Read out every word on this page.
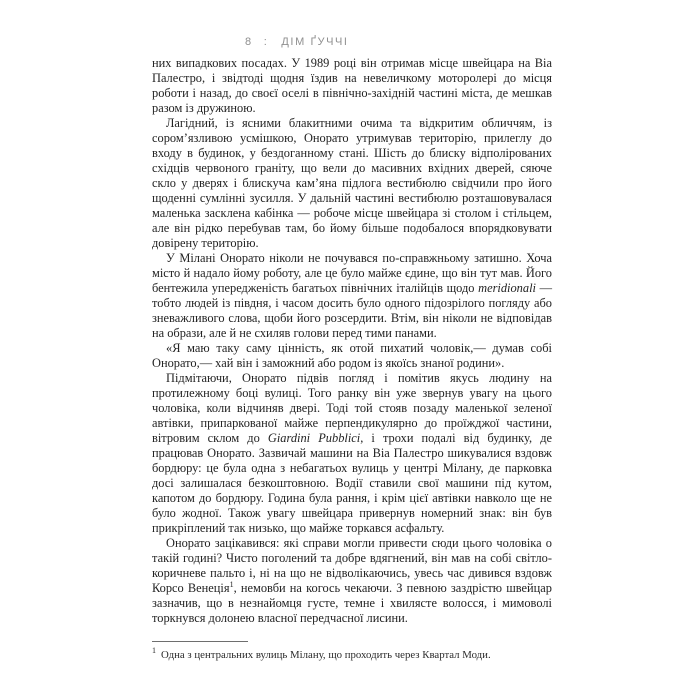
8 : ДІМ ҐУЧЧІ

них випадкових посадах. У 1989 році він отримав місце швейцара на Віа Палестро, і звідтоді щодня їздив на невеличкому моторолері до місця роботи і назад, до своєї оселі в північно-західній частині міста, де мешкав разом із дружиною.

Лагідний, із ясними блакитними очима та відкритим обличчям, із сором’язливою усмішкою, Онорато утримував територію, прилеглу до входу в будинок, у бездоганному стані. Шість до блиску відполірованих східців червоного граніту, що вели до масивних вхідних дверей, сяюче скло у дверях і блискуча кам’яна підлога вестибюлю свідчили про його щоденні сумлінні зусилля. У дальній частині вестибюлю розташовувалася маленька засклена кабінка — робоче місце швейцара зі столом і стільцем, але він рідко перебував там, бо йому більше подобалося впорядковувати довірену територію.

У Мілані Онорато ніколи не почувався по-справжньому затишно. Хоча місто й надало йому роботу, але це було майже єдине, що він тут мав. Його бентежила упередженість багатьох північних італійців щодо meridionali — тобто людей із півдня, і часом досить було одного підозрілого погляду або зневажливого слова, щоби його розсердити. Втім, він ніколи не відповідав на образи, але й не схиляв голови перед тими панами.

«Я маю таку саму цінність, як отой пихатий чоловік,— думав собі Онорато,— хай він і заможний або родом із якоїсь знаної родини».

Підмітаючи, Онорато підвів погляд і помітив якусь людину на протилежному боці вулиці. Того ранку він уже звернув увагу на цього чоловіка, коли відчиняв двері. Тоді той стояв позаду маленької зеленої автівки, припаркованої майже перпендикулярно до проїжджої частини, вітровим склом до Giardini Pubblici, і трохи подалі від будинку, де працював Онорато. Зазвичай машини на Віа Палестро шикувалися вздовж бордюру: це була одна з небагатьох вулиць у центрі Мілану, де парковка досі залишалася безкоштовною. Водії ставили свої машини під кутом, капотом до бордюру. Година була рання, і крім цієї автівки навколо ще не було жодної. Також увагу швейцара привернув номерний знак: він був прикріплений так низько, що майже торкався асфальту.

Онорато зацікавився: які справи могли привести сюди цього чоловіка о такій годині? Чисто поголений та добре вдягнений, він мав на собі світло-коричневе пальто і, ні на що не відволікаючись, увесь час дивився вздовж Корсо Венеція$^1$, немовби на когось чекаючи. З певною заздрістю швейцар зазначив, що в незнайомця густе, темне і хвилясте волосся, і мимоволі торкнувся долонею власної передчасної лисини.

$^1$ Одна з центральних вулиць Мілану, що проходить через Квартал Моди.
